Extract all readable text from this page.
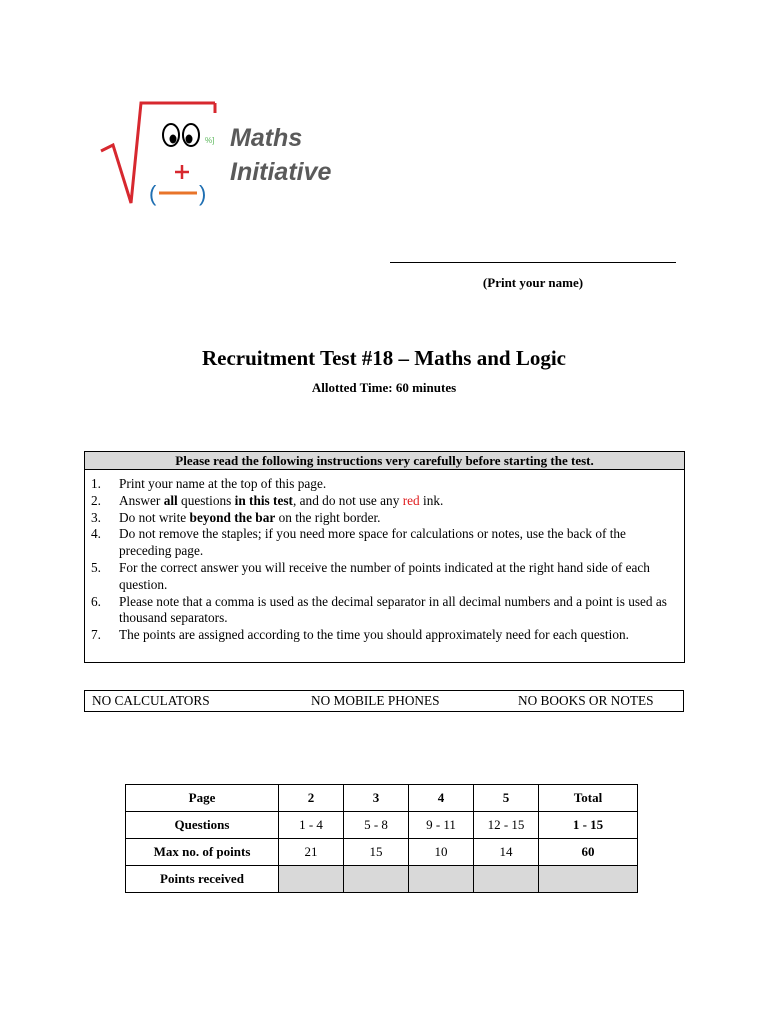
%]
( )
Maths
Initiative
(Print your name)
Recruitment Test #18 – Maths and Logic
Allotted Time: 60 minutes
Please read the following instructions very carefully before starting the test.
1.	Print your name at the top of this page.
2.	Answer all questions in this test, and do not use any red ink.
3.	Do not write beyond the bar on the right border.
4.	Do not remove the staples; if you need more space for calculations or notes, use the back of the preceding page.
5.	For the correct answer you will receive the number of points indicated at the right hand side of each question.
6.	Please note that a comma is used as the decimal separator in all decimal numbers and a point is used as thousand separators.
7.	The points are assigned according to the time you should approximately need for each question.
NO CALCULATORS	NO MOBILE PHONES	NO BOOKS OR NOTES
Page	2	3	4	5	Total
Questions	1 - 4	5 - 8	9 - 11	12 - 15	1 - 15
Max no. of points	21	15	10	14	60
Points received					
